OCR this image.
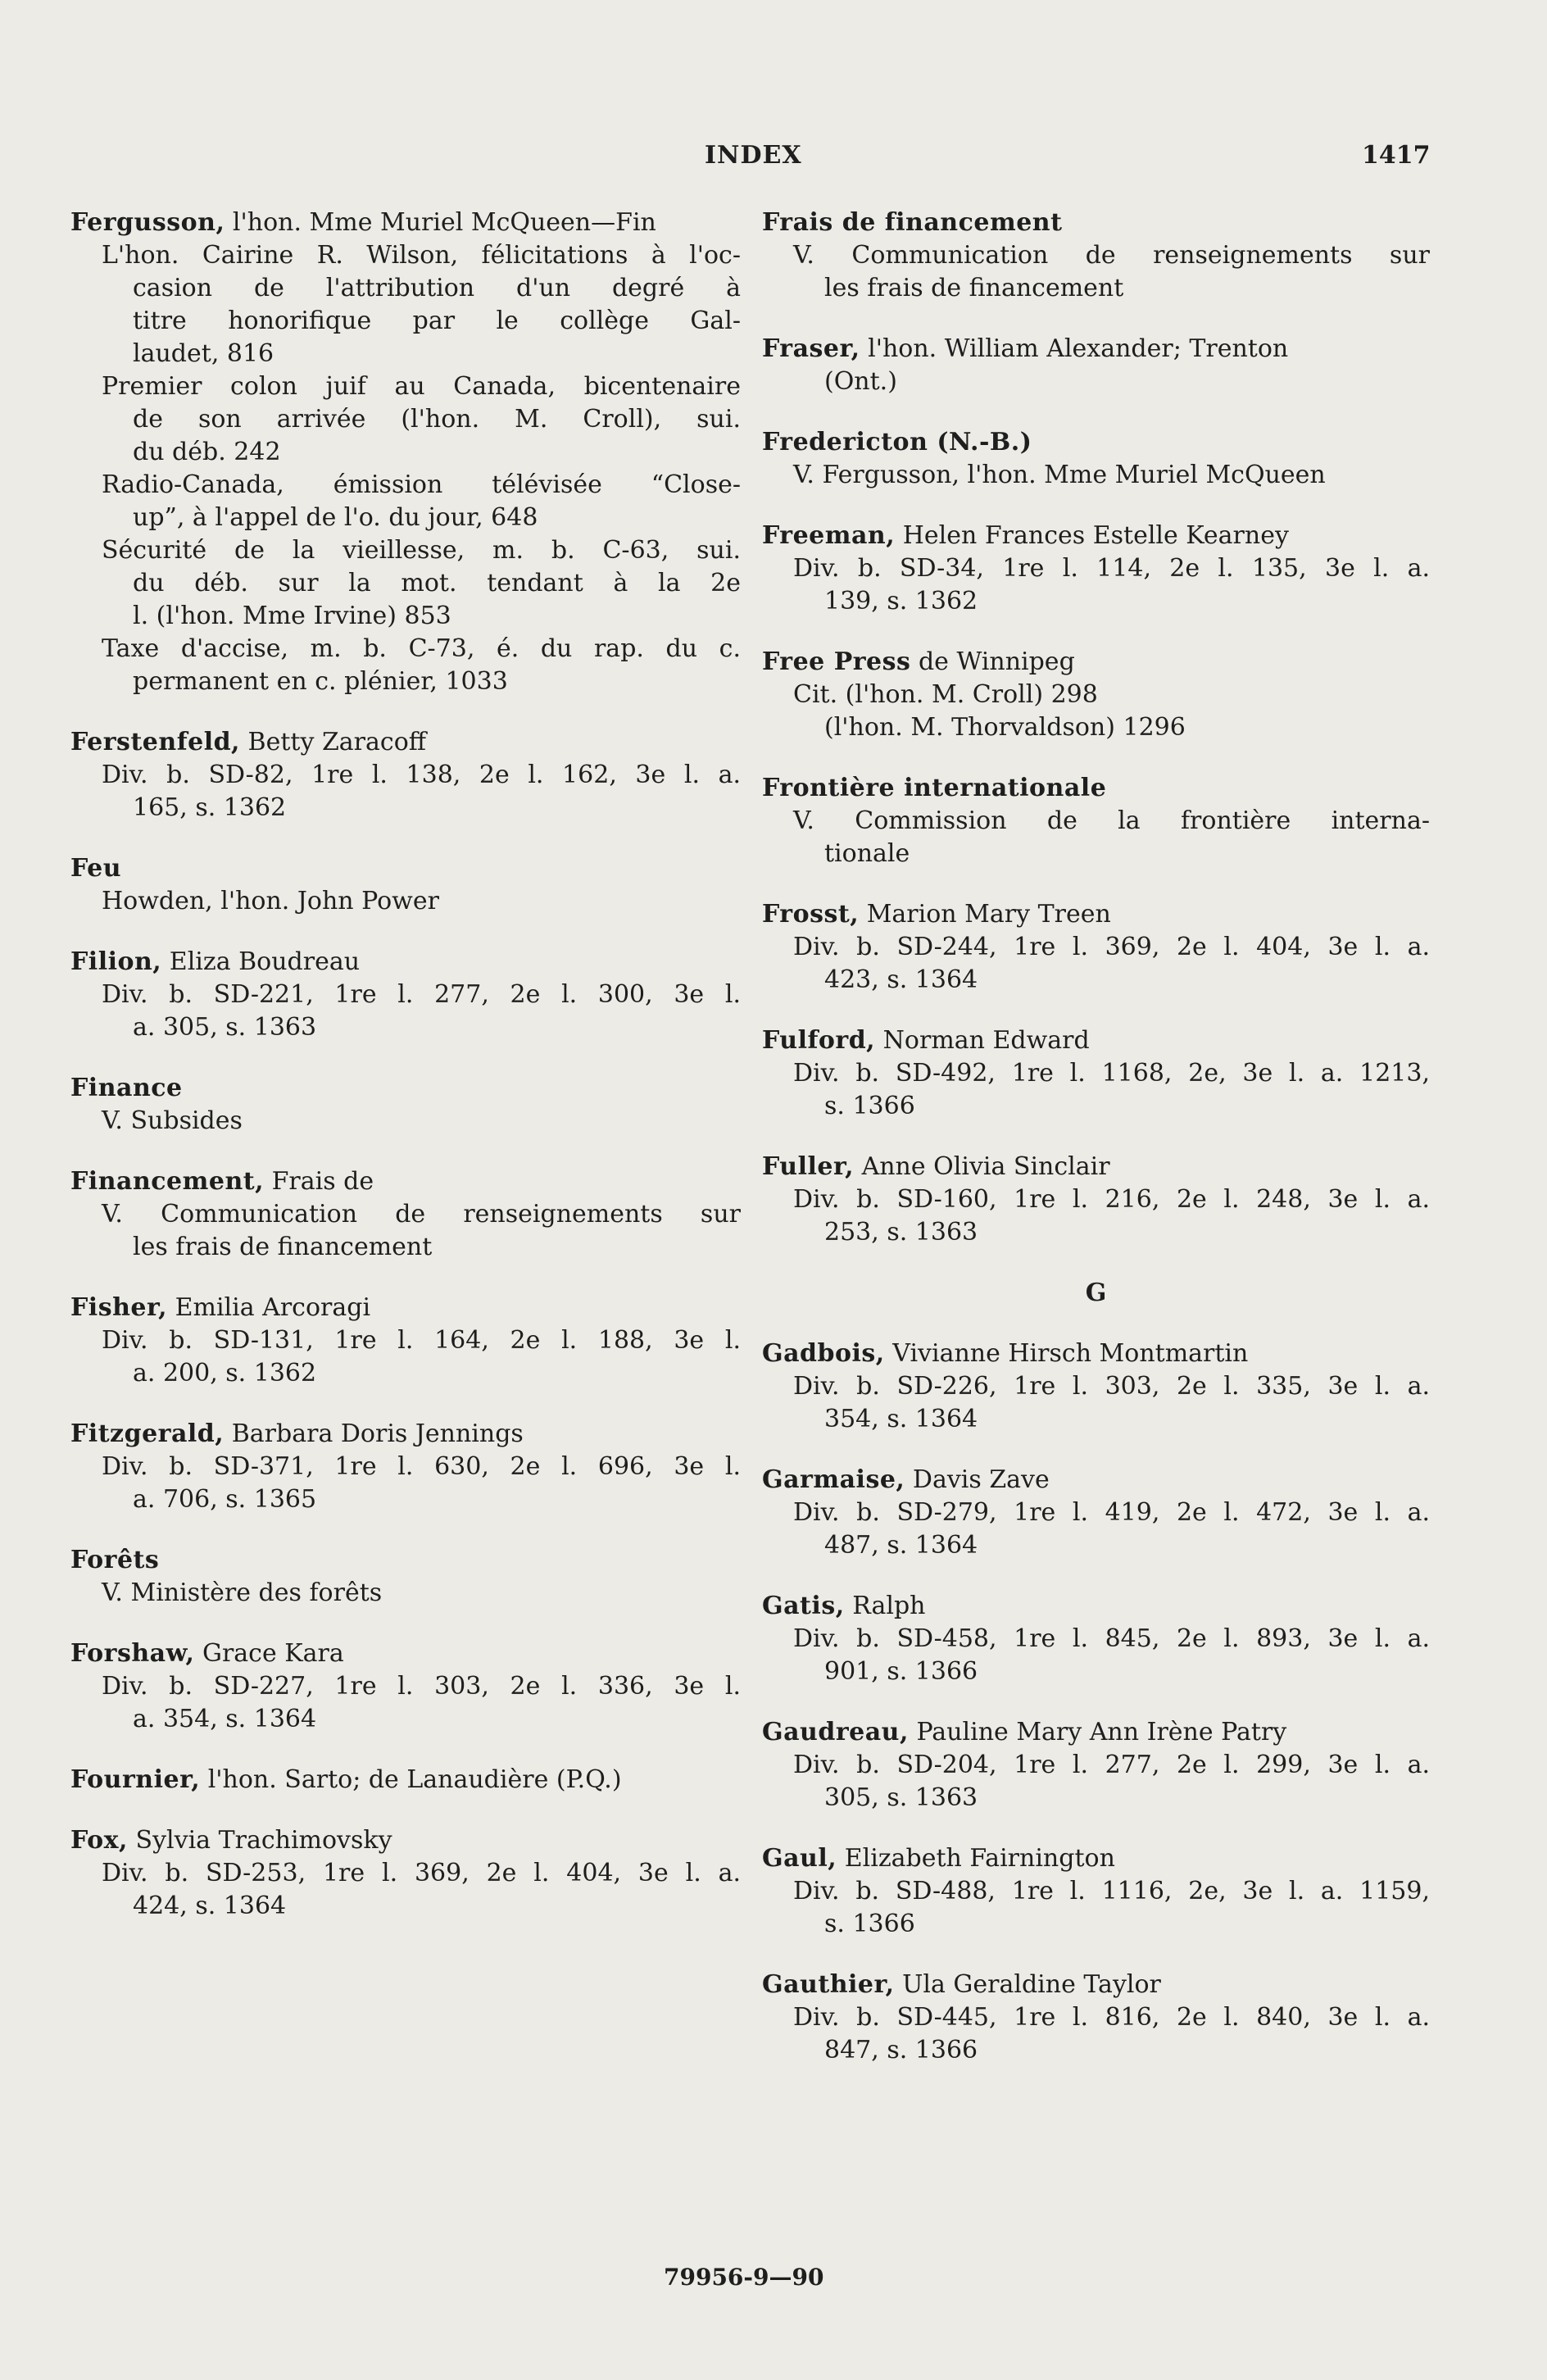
INDEX	1417
Fergusson, l'hon. Mme Muriel McQueen—Fin
L'hon. Cairine R. Wilson, félicitations à l'oc-
casion de l'attribution d'un degré à
titre honorifique par le collège Gal-
laudet, 816
Premier colon juif au Canada, bicentenaire
de son arrivée (l'hon. M. Croll), sui.
du déb. 242
Radio-Canada, émission télévisée “Close-
up”, à l'appel de l'o. du jour, 648
Sécurité de la vieillesse, m. b. C-63, sui.
du déb. sur la mot. tendant à la 2e
l. (l'hon. Mme Irvine) 853
Taxe d'accise, m. b. C-73, é. du rap. du c.
permanent en c. plénier, 1033
Ferstenfeld, Betty Zaracoff
Div. b. SD-82, 1re l. 138, 2e l. 162, 3e l. a.
165, s. 1362
Feu
Howden, l'hon. John Power
Filion, Eliza Boudreau
Div. b. SD-221, 1re l. 277, 2e l. 300, 3e l.
a. 305, s. 1363
Finance
V. Subsides
Financement, Frais de
V. Communication de renseignements sur
les frais de financement
Fisher, Emilia Arcoragi
Div. b. SD-131, 1re l. 164, 2e l. 188, 3e l.
a. 200, s. 1362
Fitzgerald, Barbara Doris Jennings
Div. b. SD-371, 1re l. 630, 2e l. 696, 3e l.
a. 706, s. 1365
Forêts
V. Ministère des forêts
Forshaw, Grace Kara
Div. b. SD-227, 1re l. 303, 2e l. 336, 3e l.
a. 354, s. 1364
Fournier, l'hon. Sarto; de Lanaudière (P.Q.)
Fox, Sylvia Trachimovsky
Div. b. SD-253, 1re l. 369, 2e l. 404, 3e l. a.
424, s. 1364
Frais de financement
V. Communication de renseignements sur
les frais de financement
Fraser, l'hon. William Alexander; Trenton
(Ont.)
Fredericton (N.-B.)
V. Fergusson, l'hon. Mme Muriel McQueen
Freeman, Helen Frances Estelle Kearney
Div. b. SD-34, 1re l. 114, 2e l. 135, 3e l. a.
139, s. 1362
Free Press de Winnipeg
Cit. (l'hon. M. Croll) 298
(l'hon. M. Thorvaldson) 1296
Frontière internationale
V. Commission de la frontière interna-
tionale
Frosst, Marion Mary Treen
Div. b. SD-244, 1re l. 369, 2e l. 404, 3e l. a.
423, s. 1364
Fulford, Norman Edward
Div. b. SD-492, 1re l. 1168, 2e, 3e l. a. 1213,
s. 1366
Fuller, Anne Olivia Sinclair
Div. b. SD-160, 1re l. 216, 2e l. 248, 3e l. a.
253, s. 1363
G
Gadbois, Vivianne Hirsch Montmartin
Div. b. SD-226, 1re l. 303, 2e l. 335, 3e l. a.
354, s. 1364
Garmaise, Davis Zave
Div. b. SD-279, 1re l. 419, 2e l. 472, 3e l. a.
487, s. 1364
Gatis, Ralph
Div. b. SD-458, 1re l. 845, 2e l. 893, 3e l. a.
901, s. 1366
Gaudreau, Pauline Mary Ann Irène Patry
Div. b. SD-204, 1re l. 277, 2e l. 299, 3e l. a.
305, s. 1363
Gaul, Elizabeth Fairnington
Div. b. SD-488, 1re l. 1116, 2e, 3e l. a. 1159,
s. 1366
Gauthier, Ula Geraldine Taylor
Div. b. SD-445, 1re l. 816, 2e l. 840, 3e l. a.
847, s. 1366
79956-9—90
